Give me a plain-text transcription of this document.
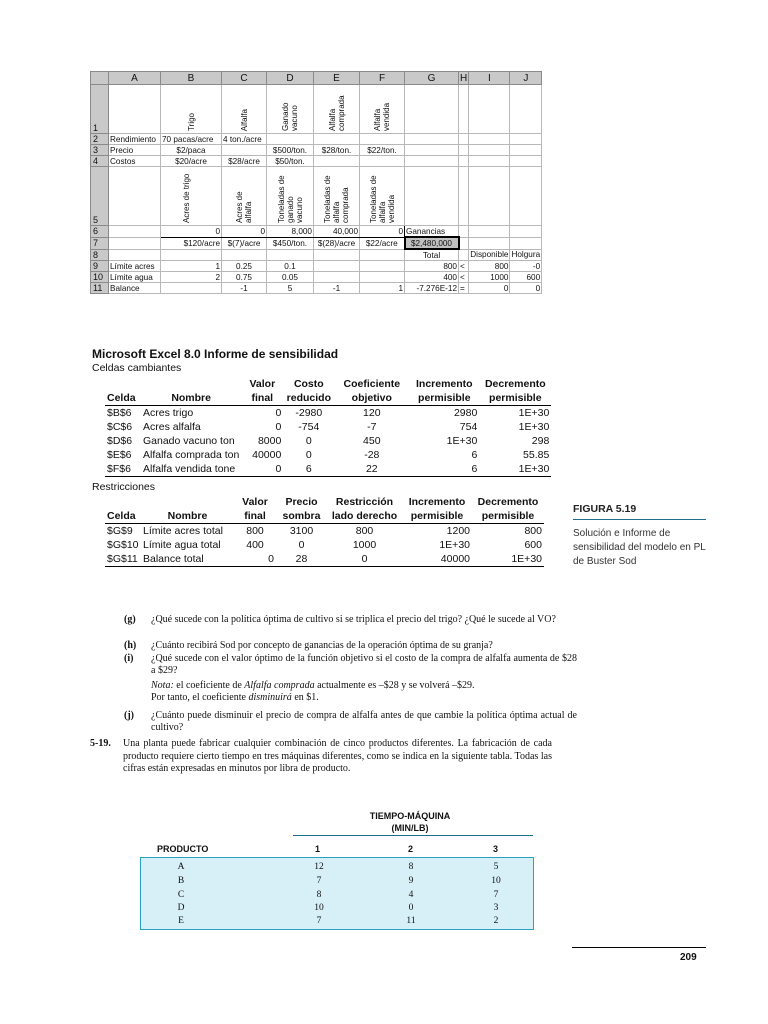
	A	B	C	D	E	F	G	H	I	J
1		Trigo	Alfalfa	Ganado vacuno	Alfalfa comprada	Alfalfa vendida				
2	Rendimiento	70 pacas/acre	4 ton./acre							
3	Precio	$2/paca		$500/ton.	$28/ton.	$22/ton.				
4	Costos	$20/acre	$28/acre	$50/ton.						
5		Acres de trigo	Acres de alfalfa	Toneladas de ganado vacuno	Toneladas de alfalfa comprada	Toneladas de alfalfa vendida				
6		0	0	8,000	40,000	0	Ganancias			
7		$120/acre	$(7)/acre	$450/ton.	$(28)/acre	$22/acre	$2,480,000			
8							Total		Disponible	Holgura
9	Límite acres	1	0.25	0.1			800	<	800	-0
10	Límite agua	2	0.75	0.05			400	<	1000	600
11	Balance		-1	5	-1	1	-7.276E-12	=	0	0
Microsoft Excel 8.0 Informe de sensibilidad
Celdas cambiantes
		Valor	Costo	Coeficiente	Incremento	Decremento
Celda	Nombre	final	reducido	objetivo	permisible	permisible
$B$6	Acres trigo	0	-2980	120	2980	1E+30
$C$6	Acres alfalfa	0	-754	-7	754	1E+30
$D$6	Ganado vacuno ton	8000	0	450	1E+30	298
$E$6	Alfalfa comprada ton	40000	0	-28	6	55.85
$F$6	Alfalfa vendida tone	0	6	22	6	1E+30
Restricciones
		Valor	Precio	Restricción	Incremento	Decremento
Celda	Nombre	final	sombra	lado derecho	permisible	permisible
$G$9	Límite acres total	800	3100	800	1200	800
$G$10	Límite agua total	400	0	1000	1E+30	600
$G$11	Balance total	0	28	0	40000	1E+30
FIGURA 5.19
Solución e Informe de sensibilidad del modelo en PL de Buster Sod
(g) ¿Qué sucede con la política óptima de cultivo si se triplica el precio del trigo? ¿Qué le sucede al VO?
(h) ¿Cuánto recibirá Sod por concepto de ganancias de la operación óptima de su granja?
(i) ¿Qué sucede con el valor óptimo de la función objetivo si el costo de la compra de alfalfa aumenta de $28 a $29?
Nota: el coeficiente de Alfalfa comprada actualmente es –$28 y se volverá –$29.
Por tanto, el coeficiente disminuirá en $1.
(j) ¿Cuánto puede disminuir el precio de compra de alfalfa antes de que cambie la política óptima actual de cultivo?
5-19. Una planta puede fabricar cualquier combinación de cinco productos diferentes. La fabricación de cada producto requiere cierto tiempo en tres máquinas diferentes, como se indica en la siguiente tabla. Todas las cifras están expresadas en minutos por libra de producto.
TIEMPO-MÁQUINA
(MIN/LB)
PRODUCTO	1	2	3
A	12	8	5
B	7	9	10
C	8	4	7
D	10	0	3
E	7	11	2
209
